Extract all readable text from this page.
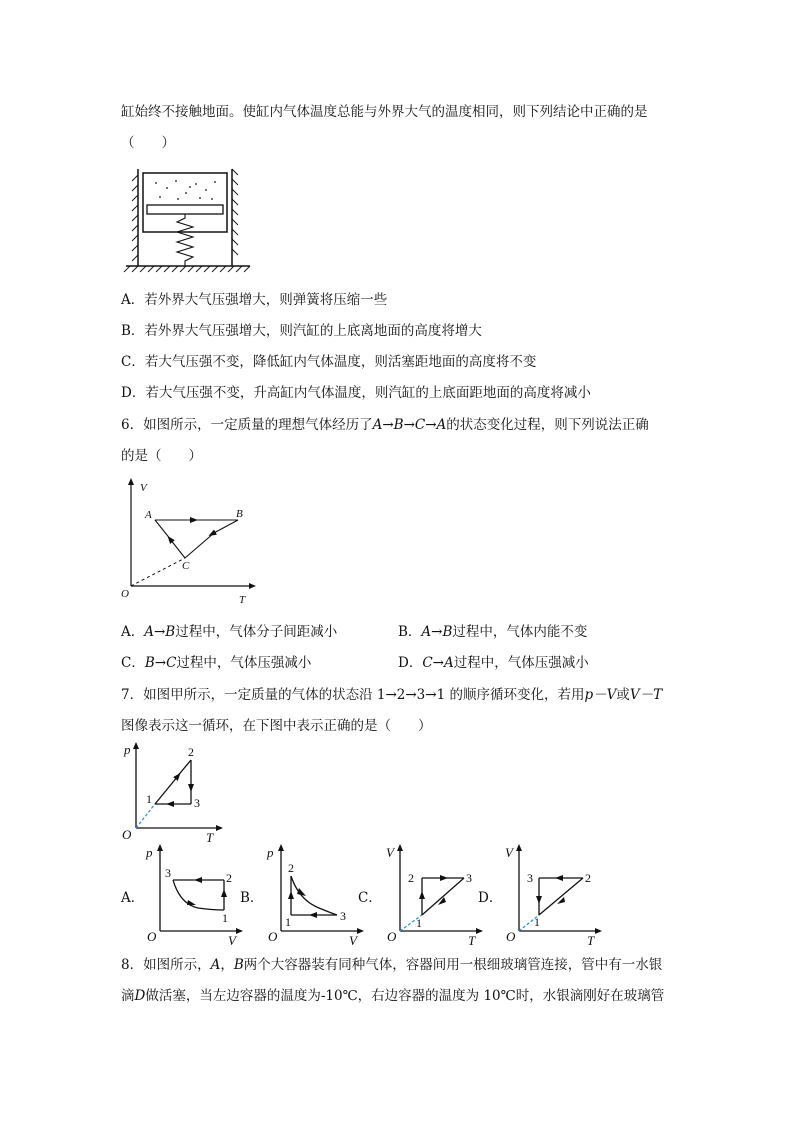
缸始终不接触地面。使缸内气体温度总能与外界大气的温度相同，则下列结论中正确的是
（　　）
A．若外界大气压强增大，则弹簧将压缩一些
B．若外界大气压强增大，则汽缸的上底离地面的高度将增大
C．若大气压强不变，降低缸内气体温度，则活塞距地面的高度将不变
D．若大气压强不变，升高缸内气体温度，则汽缸的上底面距地面的高度将减小
6．如图所示，一定质量的理想气体经历了A→B→C→A的状态变化过程，则下列说法正确
的是（　　）
V
T
O
A	B
C
A．A→B过程中，气体分子间距减小	B．A→B过程中，气体内能不变
C．B→C过程中，气体压强减小	D．C→A过程中，气体压强减小
7．如图甲所示，一定质量的气体的状态沿 1→2→3→1 的顺序循环变化，若用p－V或V－T
图像表示这一循环，在下图中表示正确的是（　　）
p
T
O
1
2
3
A．
p
V
O
3	2
1
B．
p
V
O
2
1	3
C．
V
T
O
2	3
1
D．
V
T
O
3	2
1
8．如图所示，A，B两个大容器装有同种气体，容器间用一根细玻璃管连接，管中有一水银
滴D做活塞，当左边容器的温度为-10℃，右边容器的温度为 10℃时，水银滴刚好在玻璃管
